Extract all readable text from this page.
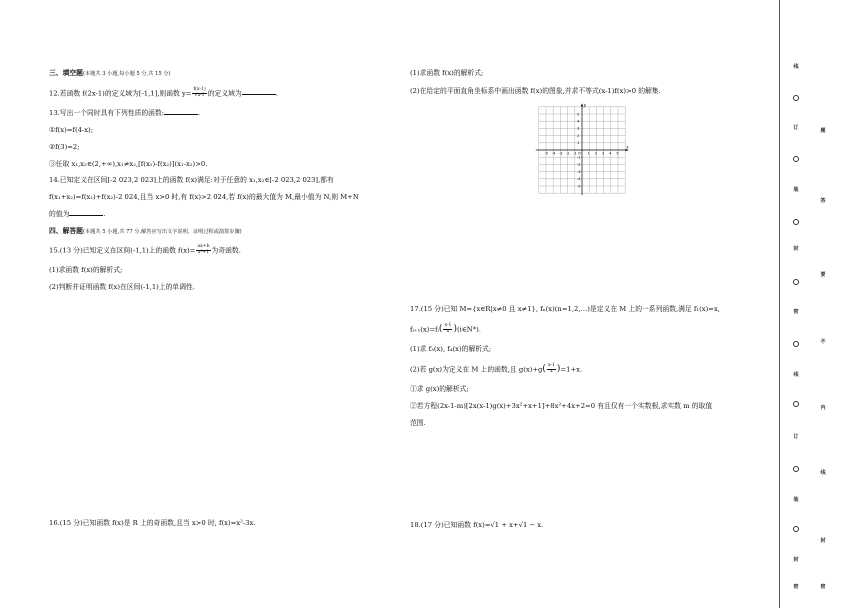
三、填空题(本题共 3 小题,每小题 5 分,共 15 分)
12.若函数 f(2x-1)的定义域为[-1,1],则函数 $y= \frac{f(x-1)}{√x-1}$ 的定义域为	.
13.写出一个同时具有下列性质的函数:	.
①f(x)=f(4-x);
②f(3)=2;
③任取 x₁,x₂∈(2,+∞),x₁≠x₂,[f(x₁)-f(x₂)](x₁-x₂)>0.
14.已知定义在区间[-2 023,2 023]上的函数 f(x)满足:对于任意的 x₁,x₂∈[-2 023,2 023],都有
f(x₁+x₂)=f(x₁)+f(x₂)-2 024,且当 x>0 时,有 f(x)>2 024,若 f(x)的最大值为 M,最小值为 N,则 M+N
的值为	.
四、解答题(本题共 5 小题,共 77 分.解答应写出文字说明、证明过程或演算步骤)
15.(13 分)已知定义在区间(-1,1)上的函数 $f(x)= \frac{ax+b}{\text{x²+1}}$ 为奇函数.
(1)求函数 f(x)的解析式;
(2)判断并证明函数 f(x)在区间(-1,1)上的单调性.
16.(15 分)已知函数 f(x)是 R 上的奇函数,且当 x>0 时, f(x)=x²-3x.
(1)求函数 f(x)的解析式;
(2)在给定的平面直角坐标系中画出函数 f(x)的图象,并求不等式(x-1)f(x)>0 的解集.
x
y
O
-5 -4 -3 -2 -1	1 2 3 4 5
5
4
3
2
1
-1
-2
-3
-4
-5
17.(15 分)已知 M={x∈R|x≠0 且 x≠1}, fₙ(x)(n=1,2,…)是定义在 M 上的一系列函数,满足 f₁(x)=x,
fᵢ₊₁(x)=fᵢ( $\frac{x-1}{x}$ )(i∈N*).
(1)求 f₃(x), f₄(x)的解析式;
(2)若 g(x)为定义在 M 上的函数,且 $g(x)+g( \frac{x-1}{x} )=1+x$.
①求 g(x)的解析式;
②若方程(2x-1-m)[2x(x-1)g(x)+3x²+x+1]+8x²+4x+2=0 有且仅有一个实数根,求实数 m 的取值
范围.
18.(17 分)已知函数 f(x)=√1 + x+√1 − x.
线
订	题
装
答
封
要
密
不
线
内
订
线
装
封
封
密	密
